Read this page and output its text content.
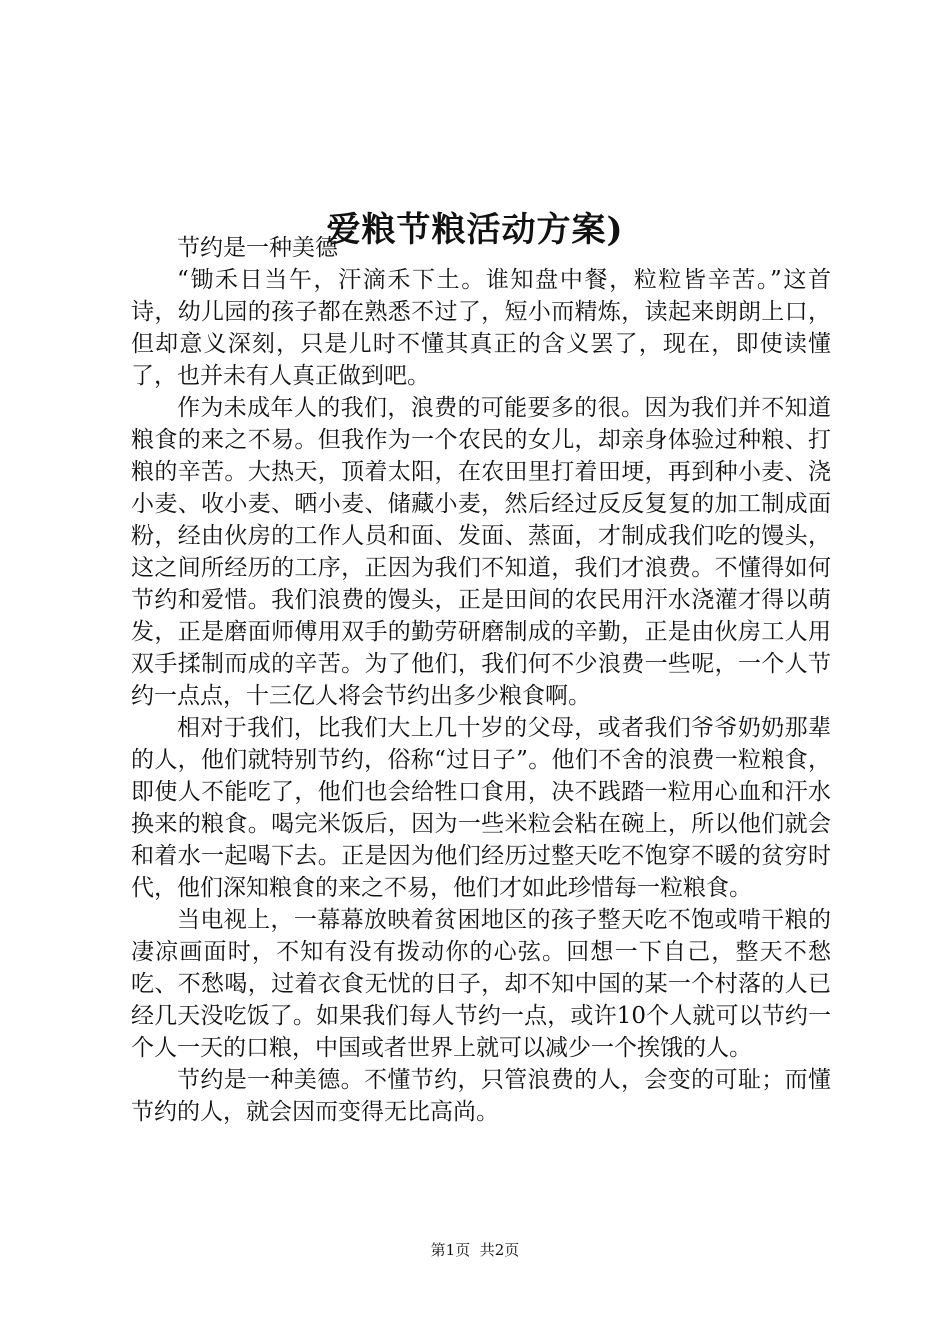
爱粮节粮活动方案)

节约是一种美德

“锄禾日当午，汗滴禾下土。谁知盘中餐，粒粒皆辛苦。”这首诗，幼儿园的孩子都在熟悉不过了，短小而精炼，读起来朗朗上口，但却意义深刻，只是儿时不懂其真正的含义罢了，现在，即使读懂了，也并未有人真正做到吧。

作为未成年人的我们，浪费的可能要多的很。因为我们并不知道粮食的来之不易。但我作为一个农民的女儿，却亲身体验过种粮、打粮的辛苦。大热天，顶着太阳，在农田里打着田埂，再到种小麦、浇小麦、收小麦、晒小麦、储藏小麦，然后经过反反复复的加工制成面粉，经由伙房的工作人员和面、发面、蒸面，才制成我们吃的馒头，这之间所经历的工序，正因为我们不知道，我们才浪费。不懂得如何节约和爱惜。我们浪费的馒头，正是田间的农民用汗水浇灌才得以萌发，正是磨面师傅用双手的勤劳研磨制成的辛勤，正是由伙房工人用双手揉制而成的辛苦。为了他们，我们何不少浪费一些呢，一个人节约一点点，十三亿人将会节约出多少粮食啊。

相对于我们，比我们大上几十岁的父母，或者我们爷爷奶奶那辈的人，他们就特别节约，俗称“过日子”。他们不舍的浪费一粒粮食，即使人不能吃了，他们也会给牲口食用，决不践踏一粒用心血和汗水换来的粮食。喝完米饭后，因为一些米粒会粘在碗上，所以他们就会和着水一起喝下去。正是因为他们经历过整天吃不饱穿不暖的贫穷时代，他们深知粮食的来之不易，他们才如此珍惜每一粒粮食。

当电视上，一幕幕放映着贫困地区的孩子整天吃不饱或啃干粮的凄凉画面时，不知有没有拨动你的心弦。回想一下自己，整天不愁吃、不愁喝，过着衣食无忧的日子，却不知中国的某一个村落的人已经几天没吃饭了。如果我们每人节约一点，或许10个人就可以节约一个人一天的口粮，中国或者世界上就可以减少一个挨饿的人。

节约是一种美德。不懂节约，只管浪费的人，会变的可耻；而懂节约的人，就会因而变得无比高尚。

第1页 共2页
